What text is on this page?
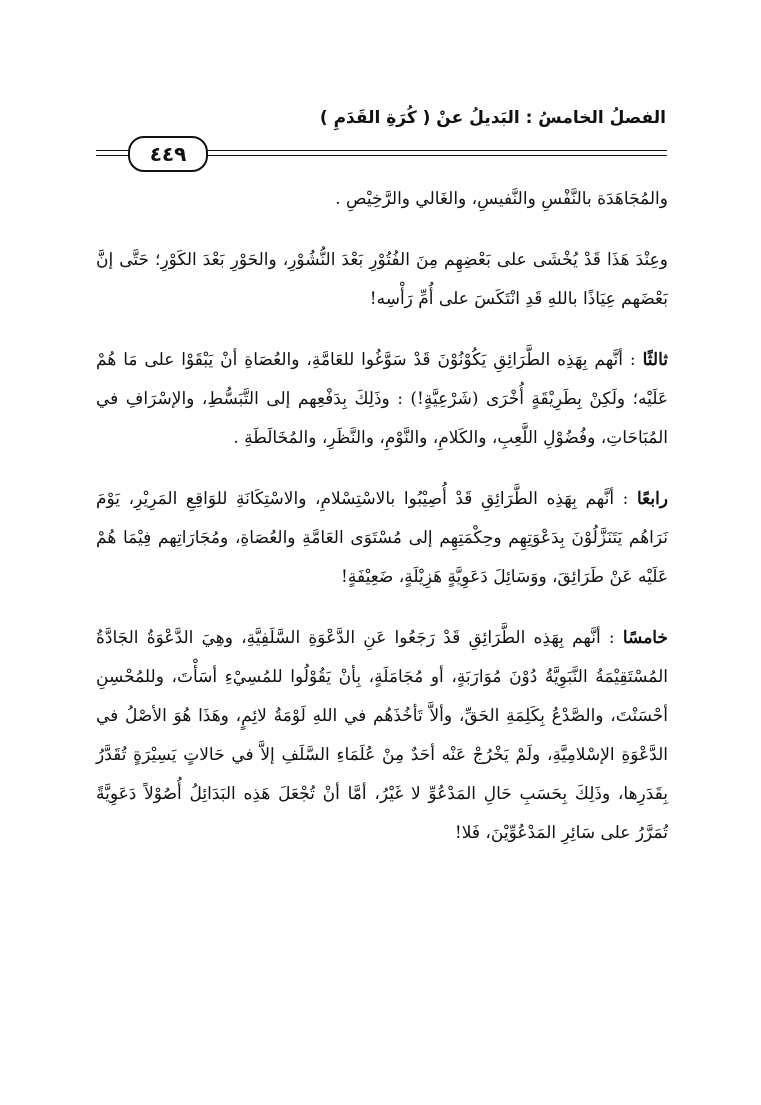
الفصلُ الخامسُ : البَديلُ عنْ ( كُرَةِ القَدَمِ )
٤٤٩

والمُجَاهَدَة بالنَّفْسِ والنَّفيسِ، والغَالي والرَّخِيْصِ .

وعِنْدَ هَذَا قَدْ يُخْشَى على بَعْضِهِم مِنَ الفُتُوْرِ بَعْدَ النُّشُوْرِ، والحَوْرِ بَعْدَ الكَوْرِ؛ حَتَّى إنَّ بَعْضَهم عِيَاذًا باللهِ قَدِ انْتَكَسَ على أُمِّ رَأْسِه!

ثالثًا : أنَّهم بِهَذِه الطَّرَائِقِ يَكُوْنُوْنَ قَدْ سَوَّغُوا للعَامَّةِ، والعُصَاةِ أنْ يَبْقَوْا على مَا هُمْ عَلَيْه؛ ولَكِنْ بِطَرِيْقَةٍ أُخْرَى (شَرْعِيَّةٍ!) : وذَلِكَ بِدَفْعِهم إلى التَّبَسُّطِ، والإسْرَافِ في المُبَاحَاتِ، وفُضُوْلِ اللَّعِبِ، والكَلامِ، والنَّوْمِ، والنَّظَرِ، والمُخَالَطَةِ .

رابعًا : أنَّهم بِهَذِه الطَّرَائِقِ قَدْ أُصِيْبُوا بالاسْتِسْلامِ، والاسْتِكَانَةِ للوَاقِعِ المَرِيْرِ، يَوْمَ نَرَاهُم يَتَنَزَّلُوْنَ بِدَعْوَتِهِم وحِكْمَتِهِم إلى مُسْتَوَى العَامَّةِ والعُصَاةِ، ومُجَارَاتِهم فِيْمَا هُمْ عَلَيْه عَنْ طَرَائِقَ، ووَسَائِلَ دَعَوِيَّةٍ هَزِيْلَةٍ، ضَعِيْفَةٍ!

خامسًا : أنَّهم بِهَذِه الطَّرَائِقِ قَدْ رَجَعُوا عَنِ الدَّعْوَةِ السَّلَفِيَّةِ، وهِيَ الدَّعْوَةُ الجَادَّةُ المُسْتَقِيْمَةُ النَّبَوِيَّةُ دُوْنَ مُوَارَبَةٍ، أو مُجَامَلَةٍ، بِأنْ يَقُوْلُوا للمُسِيْءِ أسَأْتَ، وللمُحْسِنِ أحْسَنْتَ، والصَّدْعُ بِكَلِمَةِ الحَقِّ، وألاَّ تَأخُذَهُم في اللهِ لَوْمَةُ لائِمٍ، وهَذَا هُوَ الأصْلُ في الدَّعْوَةِ الإسْلامِيَّةِ، ولَمْ يَخْرُجْ عَنْه أحَدٌ مِنْ عُلَمَاءِ السَّلَفِ إلاَّ في حَالاتٍ يَسِيْرَةٍ تُقَدَّرُ بِقَدَرِها، وذَلِكَ بِحَسَبِ حَالِ المَدْعُوِّ لا غَيْرُ، أمَّا أنْ تُجْعَلَ هَذِه البَدَائِلُ أُصُوْلاً دَعَوِيَّةً تُمَرَّرُ على سَائِرِ المَدْعُوِّيْنَ، فَلا!
